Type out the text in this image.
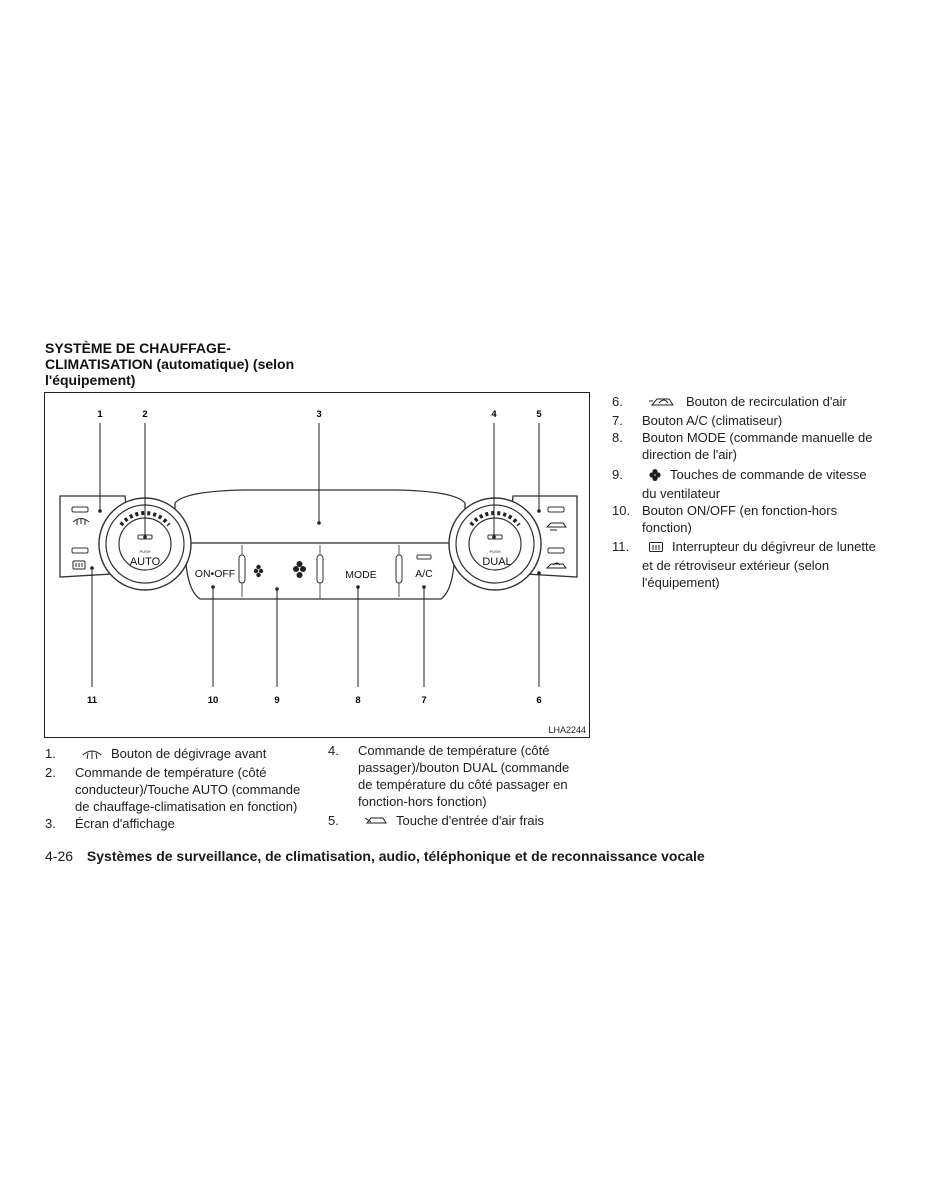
SYSTÈME DE CHAUFFAGE-
CLIMATISATION (automatique) (selon
l'équipement)
PUSH
AUTO
PUSH
DUAL
ON•OFF	MODE	A/C
1	2	3	4	5
11	10	9	8	7	6
LHA2244
1.	Bouton de dégivrage avant
2. Commande de température (côté conducteur)/Touche AUTO (commande de chauffage-climatisation en fonction)
3. Écran d'affichage
4. Commande de température (côté passager)/bouton DUAL (commande de température du côté passager en fonction-hors fonction)
5.	Touche d'entrée d'air frais
6.	Bouton de recirculation d'air
7. Bouton A/C (climatiseur)
8. Bouton MODE (commande manuelle de direction de l'air)
9.	Touches de commande de vitesse du ventilateur
10. Bouton ON/OFF (en fonction-hors fonction)
11.	Interrupteur du dégivreur de lunette et de rétroviseur extérieur (selon l'équipement)
4-26 Systèmes de surveillance, de climatisation, audio, téléphonique et de reconnaissance vocale
